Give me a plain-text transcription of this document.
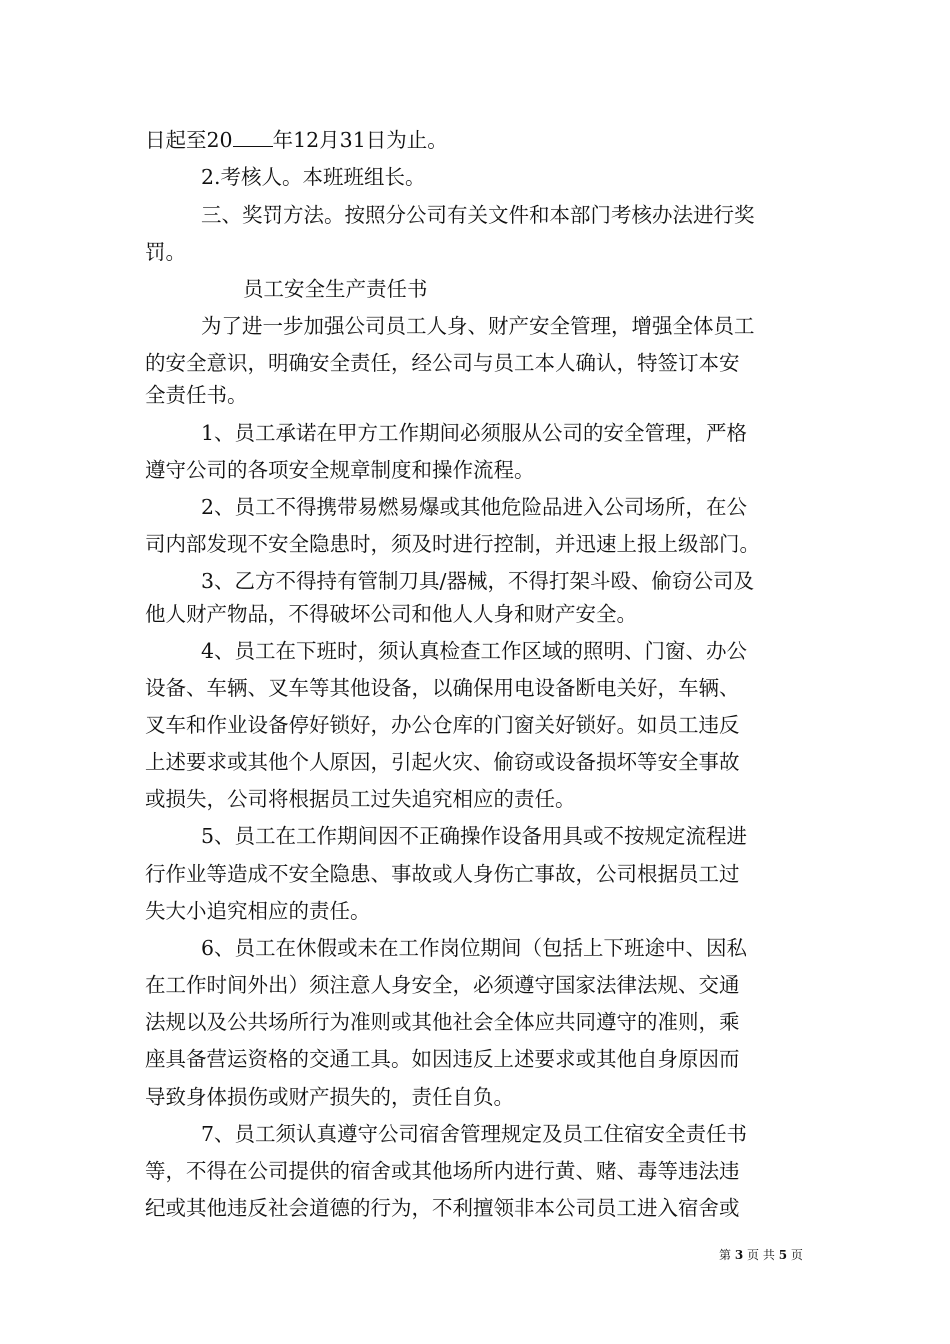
日起至20 年12月31日为止。
2.考核人。本班班组长。
三、奖罚方法。按照分公司有关文件和本部门考核办法进行奖
罚。
员工安全生产责任书
为了进一步加强公司员工人身、财产安全管理，增强全体员工
的安全意识，明确安全责任，经公司与员工本人确认，特签订本安
全责任书。
1、员工承诺在甲方工作期间必须服从公司的安全管理，严格
遵守公司的各项安全规章制度和操作流程。
2、员工不得携带易燃易爆或其他危险品进入公司场所，在公
司内部发现不安全隐患时，须及时进行控制，并迅速上报上级部门。
3、乙方不得持有管制刀具/器械，不得打架斗殴、偷窃公司及
他人财产物品，不得破坏公司和他人人身和财产安全。
4、员工在下班时，须认真检查工作区域的照明、门窗、办公
设备、车辆、叉车等其他设备，以确保用电设备断电关好，车辆、
叉车和作业设备停好锁好，办公仓库的门窗关好锁好。如员工违反
上述要求或其他个人原因，引起火灾、偷窃或设备损坏等安全事故
或损失，公司将根据员工过失追究相应的责任。
5、员工在工作期间因不正确操作设备用具或不按规定流程进
行作业等造成不安全隐患、事故或人身伤亡事故，公司根据员工过
失大小追究相应的责任。
6、员工在休假或未在工作岗位期间（包括上下班途中、因私
在工作时间外出）须注意人身安全，必须遵守国家法律法规、交通
法规以及公共场所行为准则或其他社会全体应共同遵守的准则，乘
座具备营运资格的交通工具。如因违反上述要求或其他自身原因而
导致身体损伤或财产损失的，责任自负。
7、员工须认真遵守公司宿舍管理规定及员工住宿安全责任书
等，不得在公司提供的宿舍或其他场所内进行黄、赌、毒等违法违
纪或其他违反社会道德的行为，不利擅领非本公司员工进入宿舍或
第 3 页 共 5 页
